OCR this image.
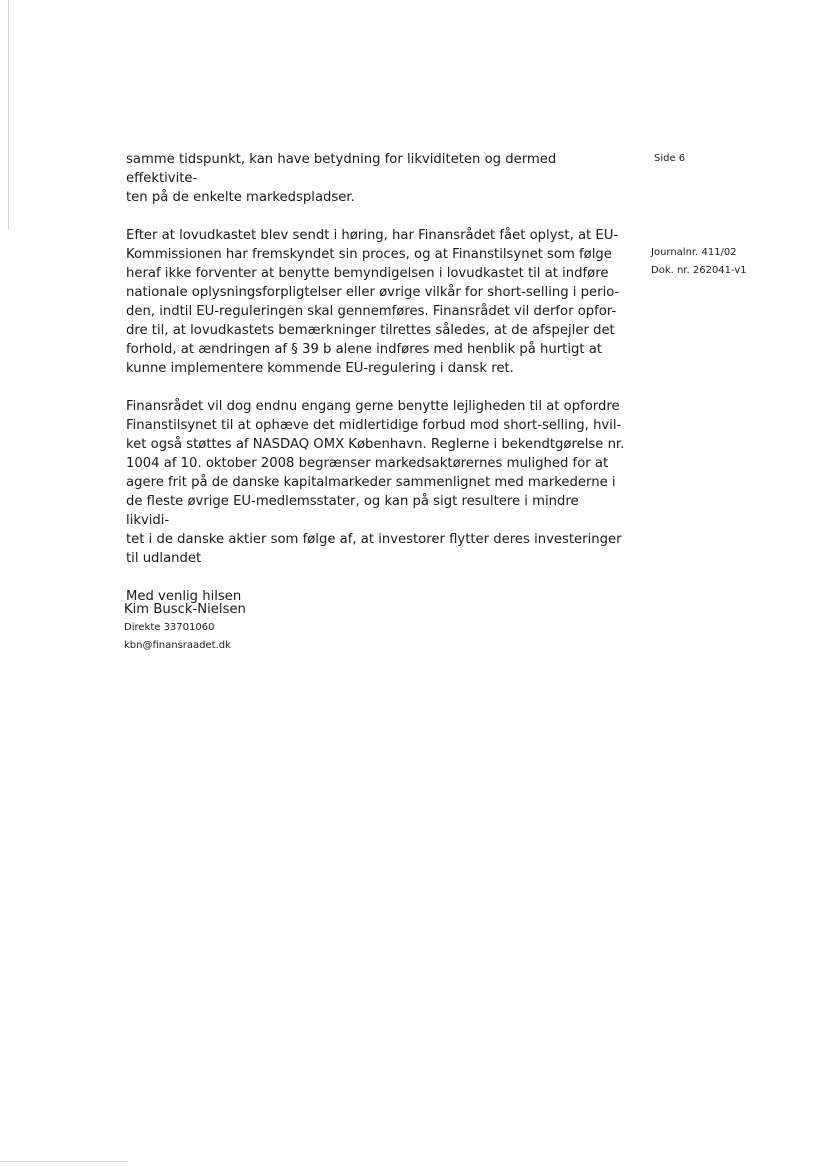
Side 6
Journalnr. 411/02
Dok. nr. 262041-v1

samme tidspunkt, kan have betydning for likviditeten og dermed effektivite-
ten på de enkelte markedspladser.

Efter at lovudkastet blev sendt i høring, har Finansrådet fået oplyst, at EU-
Kommissionen har fremskyndet sin proces, og at Finanstilsynet som følge
heraf ikke forventer at benytte bemyndigelsen i lovudkastet til at indføre
nationale oplysningsforpligtelser eller øvrige vilkår for short-selling i perio-
den, indtil EU-reguleringen skal gennemføres. Finansrådet vil derfor opfor-
dre til, at lovudkastets bemærkninger tilrettes således, at de afspejler det
forhold, at ændringen af § 39 b alene indføres med henblik på hurtigt at
kunne implementere kommende EU-regulering i dansk ret.

Finansrådet vil dog endnu engang gerne benytte lejligheden til at opfordre
Finanstilsynet til at ophæve det midlertidige forbud mod short-selling, hvil-
ket også støttes af NASDAQ OMX København. Reglerne i bekendtgørelse nr.
1004 af 10. oktober 2008 begrænser markedsaktørernes mulighed for at
agere frit på de danske kapitalmarkeder sammenlignet med markederne i
de fleste øvrige EU-medlemsstater, og kan på sigt resultere i mindre likvidi-
tet i de danske aktier som følge af, at investorer flytter deres investeringer
til udlandet

Med venlig hilsen

Kim Busck-Nielsen
Direkte 33701060
kbn@finansraadet.dk
